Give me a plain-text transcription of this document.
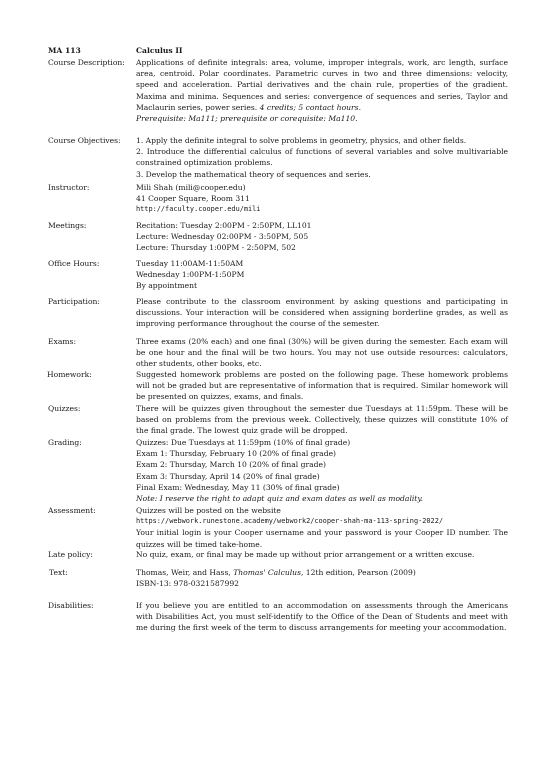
MA 113	Calculus II
Course Description:	Applications of definite integrals: area, volume, improper integrals, work, arc length, surface area, centroid. Polar coordinates. Parametric curves in two and three dimensions: velocity, speed and acceleration. Partial derivatives and the chain rule, properties of the gradient. Maxima and minima. Sequences and series: convergence of sequences and series, Taylor and Maclaurin series, power series. 4 credits; 5 contact hours.
Prerequisite: Ma111; prerequisite or corequisite: Ma110.
Course Objectives:	1. Apply the definite integral to solve problems in geometry, physics, and other fields.
2. Introduce the differential calculus of functions of several variables and solve multivariable constrained optimization problems.
3. Develop the mathematical theory of sequences and series.
Instructor:	Mili Shah (mili@cooper.edu)
41 Cooper Square, Room 311
http://faculty.cooper.edu/mili
Meetings:	Recitation: Tuesday 2:00PM - 2:50PM, LL101
Lecture: Wednesday 02:00PM - 3:50PM, 505
Lecture: Thursday 1:00PM - 2:50PM, 502
Office Hours:	Tuesday 11:00AM-11:50AM
Wednesday 1:00PM-1:50PM
By appointment
Participation:	Please contribute to the classroom environment by asking questions and participating in discussions. Your interaction will be considered when assigning borderline grades, as well as improving performance throughout the course of the semester.
Exams:	Three exams (20% each) and one final (30%) will be given during the semester. Each exam will be one hour and the final will be two hours. You may not use outside resources: calculators, other students, other books, etc.
Homework:	Suggested homework problems are posted on the following page. These homework problems will not be graded but are representative of information that is required. Similar homework will be presented on quizzes, exams, and finals.
Quizzes:	There will be quizzes given throughout the semester due Tuesdays at 11:59pm. These will be based on problems from the previous week. Collectively, these quizzes will constitute 10% of the final grade. The lowest quiz grade will be dropped.
Grading:	Quizzes: Due Tuesdays at 11:59pm (10% of final grade)
Exam 1: Thursday, February 10 (20% of final grade)
Exam 2: Thursday, March 10 (20% of final grade)
Exam 3: Thursday, April 14 (20% of final grade)
Final Exam: Wednesday, May 11 (30% of final grade)
Note: I reserve the right to adapt quiz and exam dates as well as modality.
Assessment:	Quizzes will be posted on the website
https://webwork.runestone.academy/webwork2/cooper-shah-ma-113-spring-2022/
Your initial login is your Cooper username and your password is your Cooper ID number. The quizzes will be timed take-home.
Late policy:	No quiz, exam, or final may be made up without prior arrangement or a written excuse.
Text:	Thomas, Weir, and Hass, Thomas' Calculus, 12th edition, Pearson (2009)
ISBN-13: 978-0321587992
Disabilities:	If you believe you are entitled to an accommodation on assessments through the Americans with Disabilities Act, you must self-identify to the Office of the Dean of Students and meet with me during the first week of the term to discuss arrangements for meeting your accommodation.
